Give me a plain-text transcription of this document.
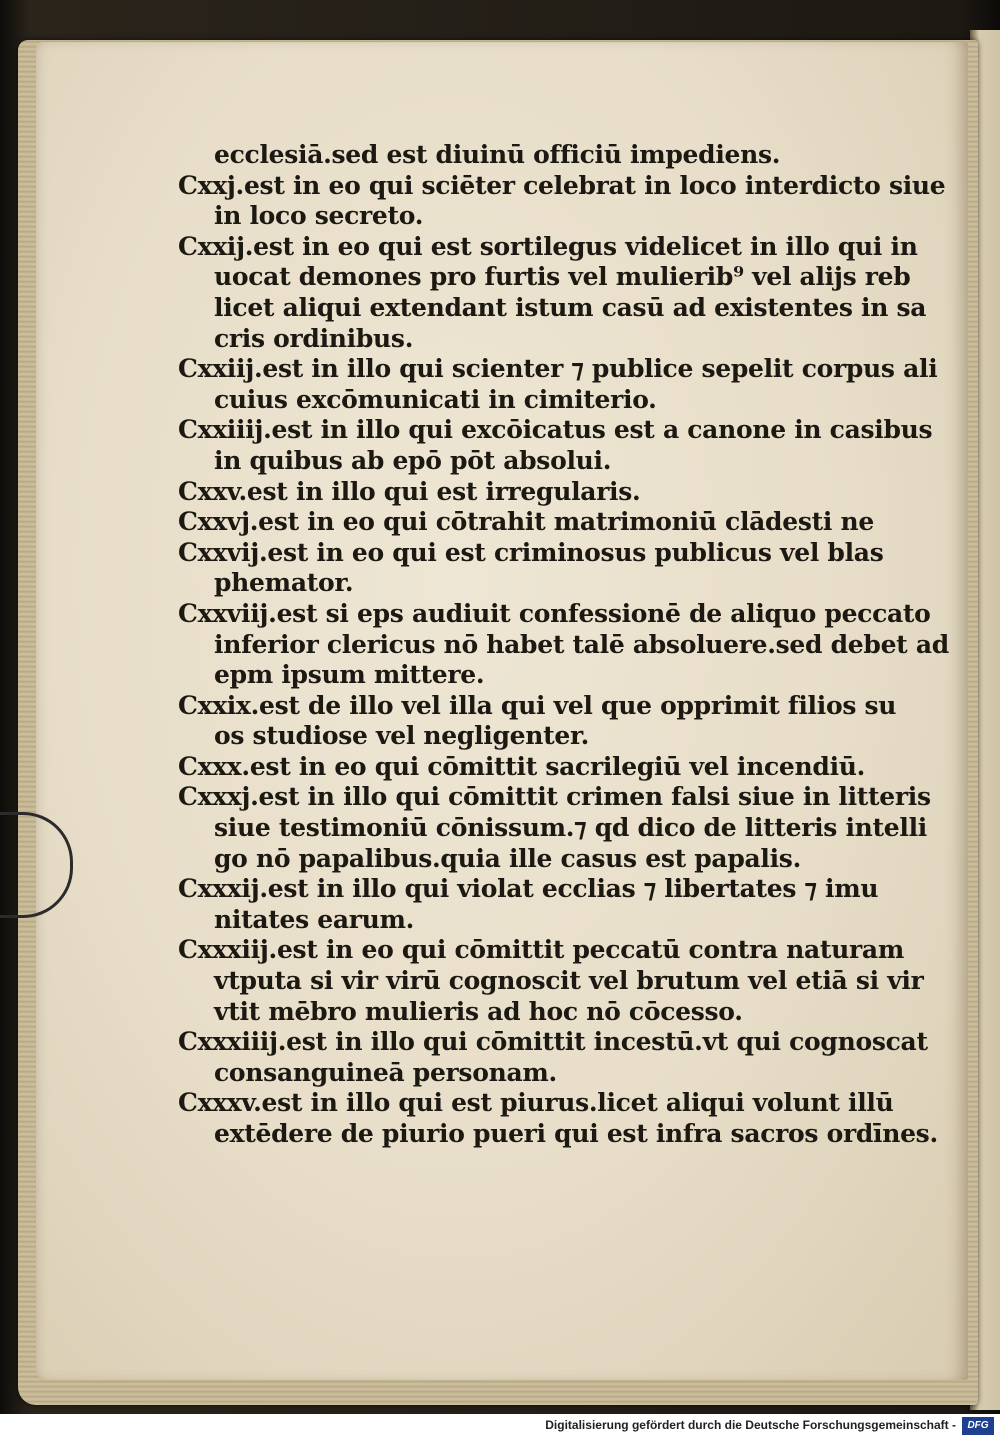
ecclesiā.sed est diuinū officiū impediens.
Cxxj.est in eo qui sciēter celebrat in loco interdicto siue
in loco secreto.
Cxxij.est in eo qui est sortilegus videlicet in illo qui in
uocat demones pro furtis vel mulierib⁹ vel alijs reb
licet aliqui extendant istum casū ad existentes in sa
cris ordinibus.
Cxxiij.est in illo qui scienter ⁊ publice sepelit corpus ali
cuius excōmunicati in cimiterio.
Cxxiiij.est in illo qui excōicatus est a canone in casibus
in quibus ab epō pōt absolui.
Cxxv.est in illo qui est irregularis.
Cxxvj.est in eo qui cōtrahit matrimoniū clādesti ne
Cxxvij.est in eo qui est criminosus publicus vel blas
phemator.
Cxxviij.est si eps audiuit confessionē de aliquo peccato
inferior clericus nō habet talē absoluere.sed debet ad
epm ipsum mittere.
Cxxix.est de illo vel illa qui vel que opprimit filios su
os studiose vel negligenter.
Cxxx.est in eo qui cōmittit sacrilegiū vel incendiū.
Cxxxj.est in illo qui cōmittit crimen falsi siue in litteris
siue testimoniū cōnissum.⁊ qd dico de litteris intelli
go nō papalibus.quia ille casus est papalis.
Cxxxij.est in illo qui violat ecclias ⁊ libertates ⁊ imu
nitates earum.
Cxxxiij.est in eo qui cōmittit peccatū contra naturam
vtputa si vir virū cognoscit vel brutum vel etiā si vir
vtit mēbro mulieris ad hoc nō cōcesso.
Cxxxiiij.est in illo qui cōmittit incestū.vt qui cognoscat
consanguineā personam.
Cxxxv.est in illo qui est piurus.licet aliqui volunt illū
extēdere de piurio pueri qui est infra sacros ordīnes.
Digitalisierung gefördert durch die Deutsche Forschungsgemeinschaft -	DFG
